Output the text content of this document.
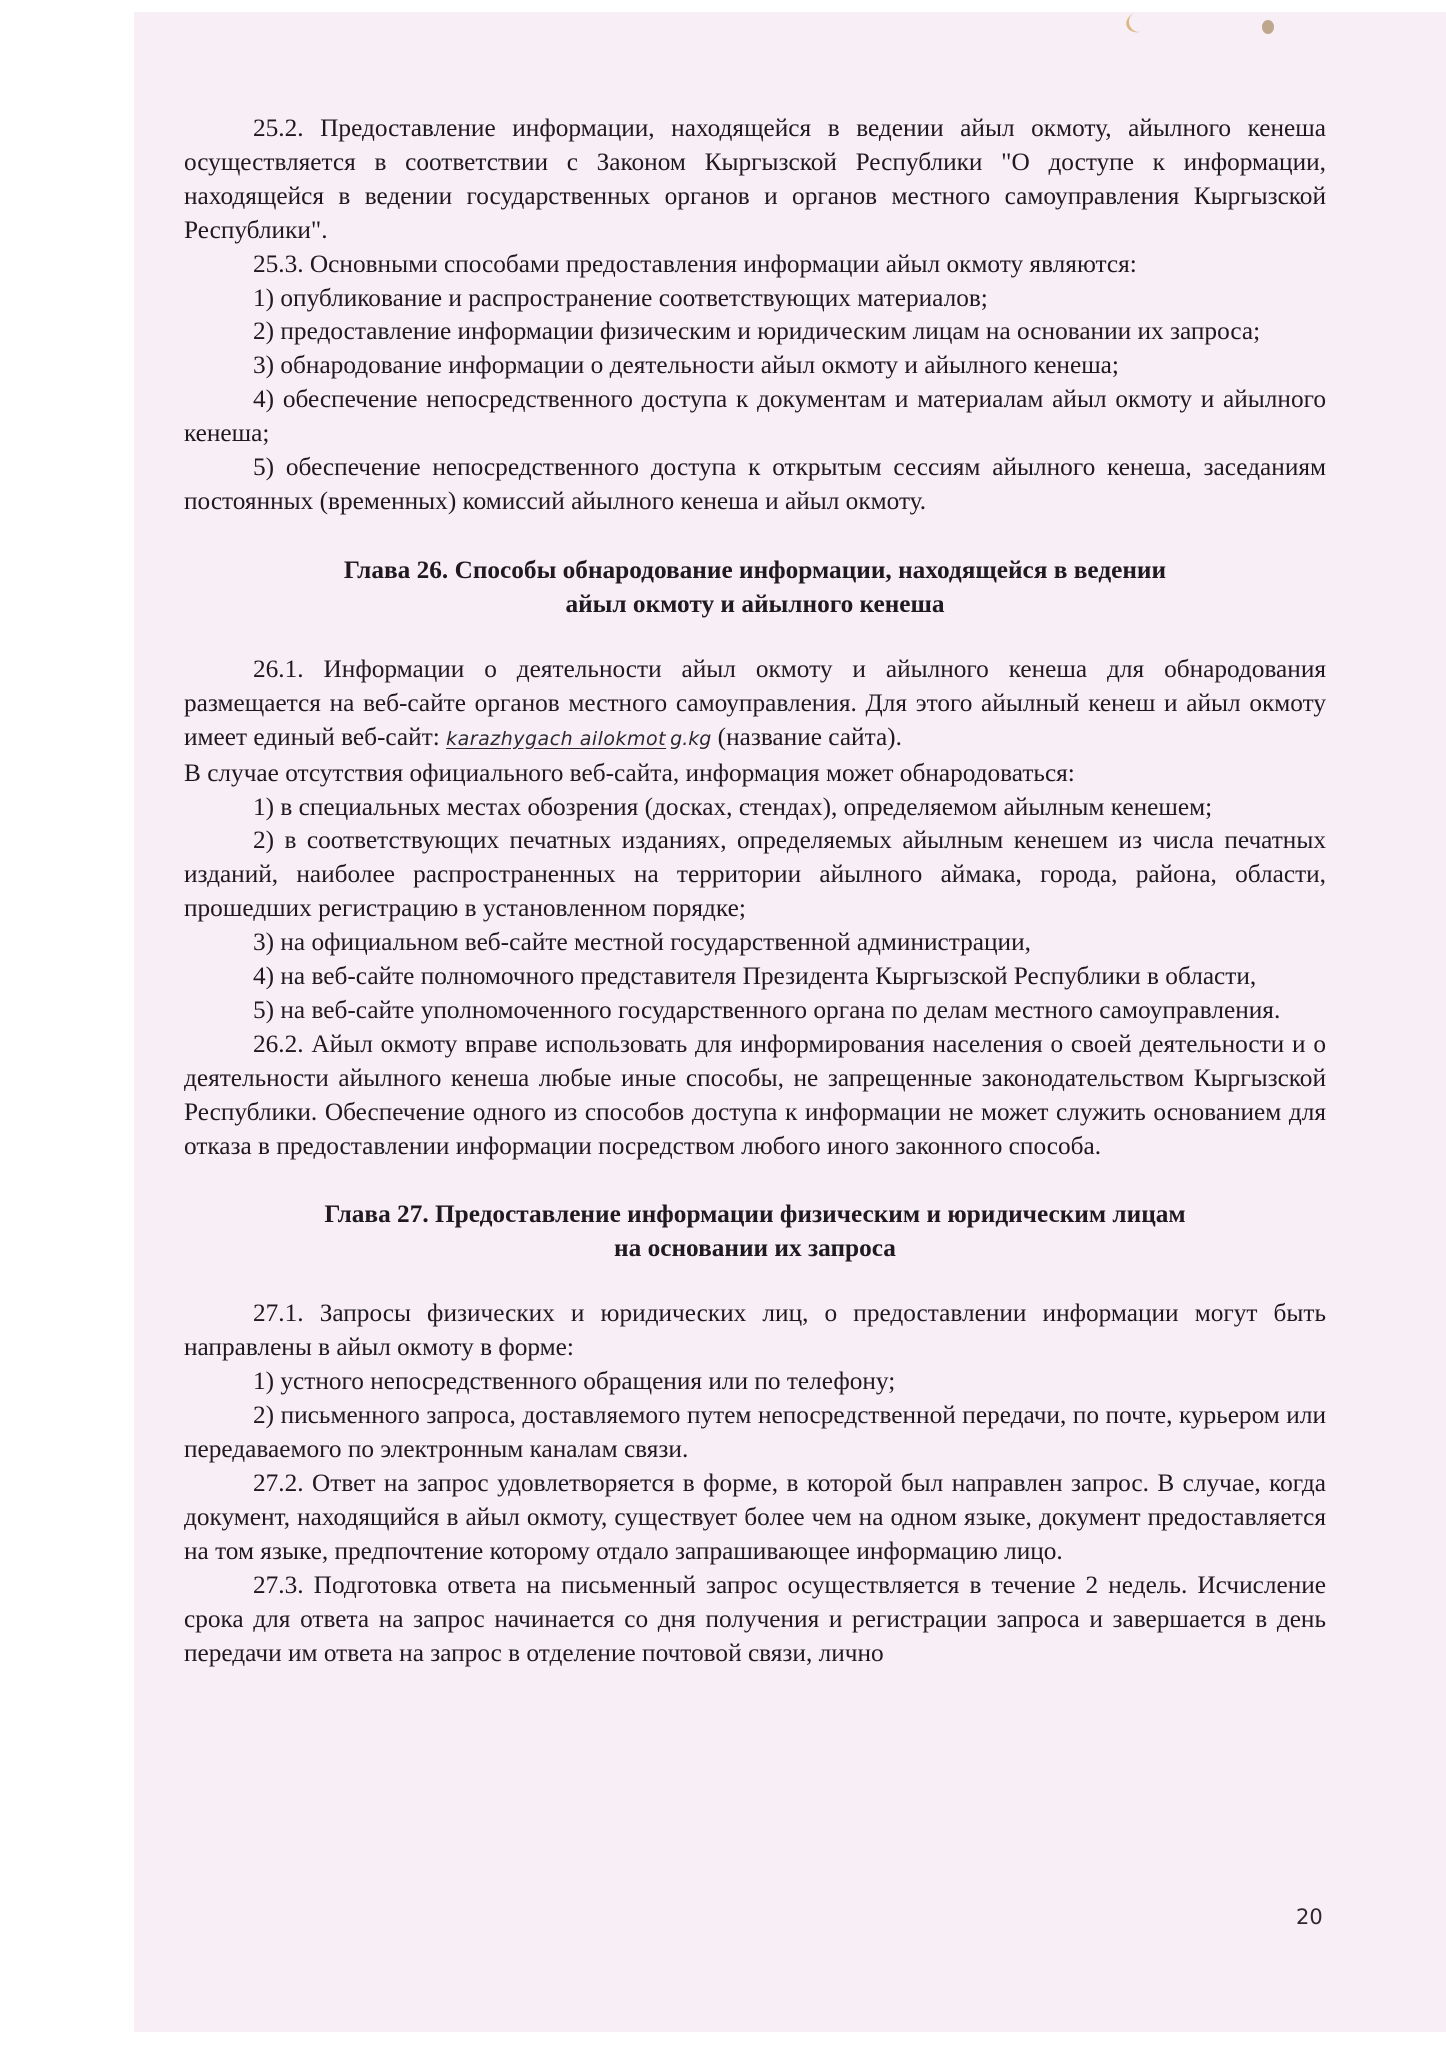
25.2. Предоставление информации, находящейся в ведении айыл окмоту, айылного кенеша осуществляется в соответствии с Законом Кыргызской Республики "О доступе к информации, находящейся в ведении государственных органов и органов местного самоуправления Кыргызской Республики".

25.3. Основными способами предоставления информации айыл окмоту являются:

1) опубликование и распространение соответствующих материалов;

2) предоставление информации физическим и юридическим лицам на основании их запроса;

3) обнародование информации о деятельности айыл окмоту и айылного кенеша;

4) обеспечение непосредственного доступа к документам и материалам айыл окмоту и айылного кенеша;

5) обеспечение непосредственного доступа к открытым сессиям айылного кенеша, заседаниям постоянных (временных) комиссий айылного кенеша и айыл окмоту.

Глава 26. Способы обнародование информации, находящейся в ведении
айыл окмоту и айылного кенеша

26.1. Информации о деятельности айыл окмоту и айылного кенеша для обнародования размещается на веб-сайте органов местного самоуправления. Для этого айылный кенеш и айыл окмоту имеет единый веб-сайт: karazhygach ailokmot g.kg (название сайта).

В случае отсутствия официального веб-сайта, информация может обнародоваться:

1) в специальных местах обозрения (досках, стендах), определяемом айылным кенешем;

2) в соответствующих печатных изданиях, определяемых айылным кенешем из числа печатных изданий, наиболее распространенных на территории айылного аймака, города, района, области, прошедших регистрацию в установленном порядке;

3) на официальном веб-сайте местной государственной администрации,

4) на веб-сайте полномочного представителя Президента Кыргызской Республики в области,

5) на веб-сайте уполномоченного государственного органа по делам местного самоуправления.

26.2. Айыл окмоту вправе использовать для информирования населения о своей деятельности и о деятельности айылного кенеша любые иные способы, не запрещенные законодательством Кыргызской Республики. Обеспечение одного из способов доступа к информации не может служить основанием для отказа в предоставлении информации посредством любого иного законного способа.

Глава 27. Предоставление информации физическим и юридическим лицам
на основании их запроса

27.1. Запросы физических и юридических лиц, о предоставлении информации могут быть направлены в айыл окмоту в форме:

1) устного непосредственного обращения или по телефону;

2) письменного запроса, доставляемого путем непосредственной передачи, по почте, курьером или передаваемого по электронным каналам связи.

27.2. Ответ на запрос удовлетворяется в форме, в которой был направлен запрос. В случае, когда документ, находящийся в айыл окмоту, существует более чем на одном языке, документ предоставляется на том языке, предпочтение которому отдало запрашивающее информацию лицо.

27.3. Подготовка ответа на письменный запрос осуществляется в течение 2 недель. Исчисление срока для ответа на запрос начинается со дня получения и регистрации запроса и завершается в день передачи им ответа на запрос в отделение почтовой связи, лично

20
